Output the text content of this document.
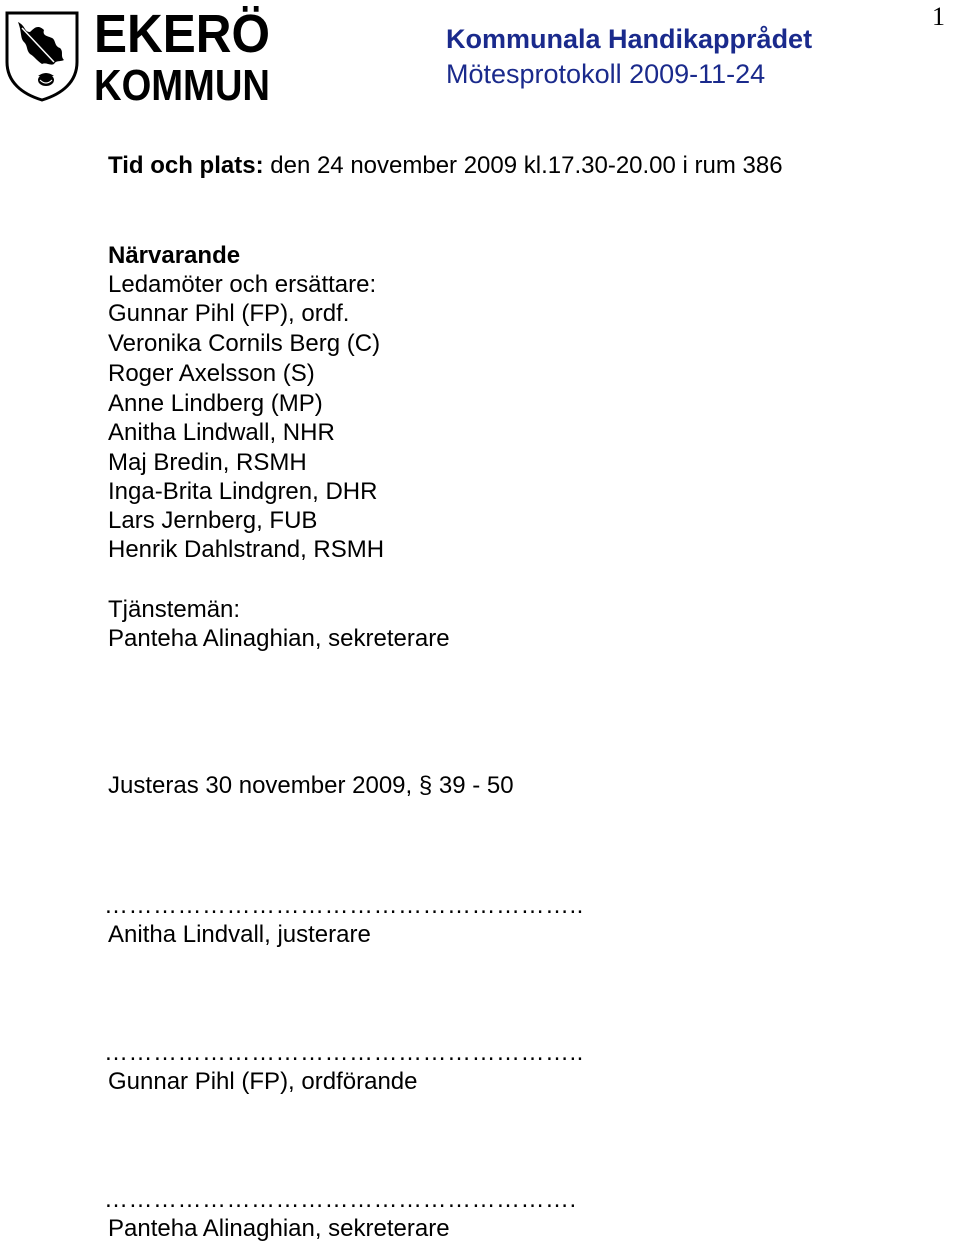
1
EKERÖ
KOMMUN
Kommunala Handikapprådet
Mötesprotokoll 2009-11-24
Tid och plats: den 24 november 2009 kl.17.30-20.00 i rum 386
Närvarande
Ledamöter och ersättare:
Gunnar Pihl (FP), ordf.
Veronika Cornils Berg (C)
Roger Axelsson (S)
Anne Lindberg (MP)
Anitha Lindwall, NHR
Maj Bredin, RSMH
Inga-Brita Lindgren, DHR
Lars Jernberg, FUB
Henrik Dahlstrand, RSMH
Tjänstemän:
Panteha Alinaghian, sekreterare
Justeras 30 november 2009, § 39 - 50
…………………………………………………..
Anitha Lindvall, justerare
…………………………………………………..
Gunnar Pihl (FP), ordförande
………………………………………………….
Panteha Alinaghian, sekreterare
